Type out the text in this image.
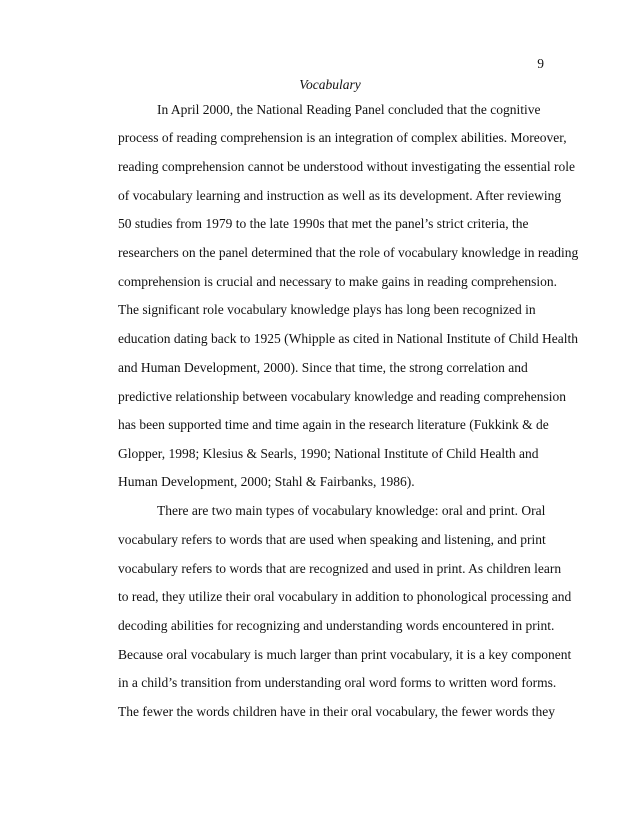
9
Vocabulary
In April 2000, the National Reading Panel concluded that the cognitive
process of reading comprehension is an integration of complex abilities. Moreover,
reading comprehension cannot be understood without investigating the essential role
of vocabulary learning and instruction as well as its development. After reviewing
50 studies from 1979 to the late 1990s that met the panel’s strict criteria, the
researchers on the panel determined that the role of vocabulary knowledge in reading
comprehension is crucial and necessary to make gains in reading comprehension.
The significant role vocabulary knowledge plays has long been recognized in
education dating back to 1925 (Whipple as cited in National Institute of Child Health
and Human Development, 2000). Since that time, the strong correlation and
predictive relationship between vocabulary knowledge and reading comprehension
has been supported time and time again in the research literature (Fukkink & de
Glopper, 1998; Klesius & Searls, 1990; National Institute of Child Health and
Human Development, 2000; Stahl & Fairbanks, 1986).
There are two main types of vocabulary knowledge: oral and print. Oral
vocabulary refers to words that are used when speaking and listening, and print
vocabulary refers to words that are recognized and used in print. As children learn
to read, they utilize their oral vocabulary in addition to phonological processing and
decoding abilities for recognizing and understanding words encountered in print.
Because oral vocabulary is much larger than print vocabulary, it is a key component
in a child’s transition from understanding oral word forms to written word forms.
The fewer the words children have in their oral vocabulary, the fewer words they
